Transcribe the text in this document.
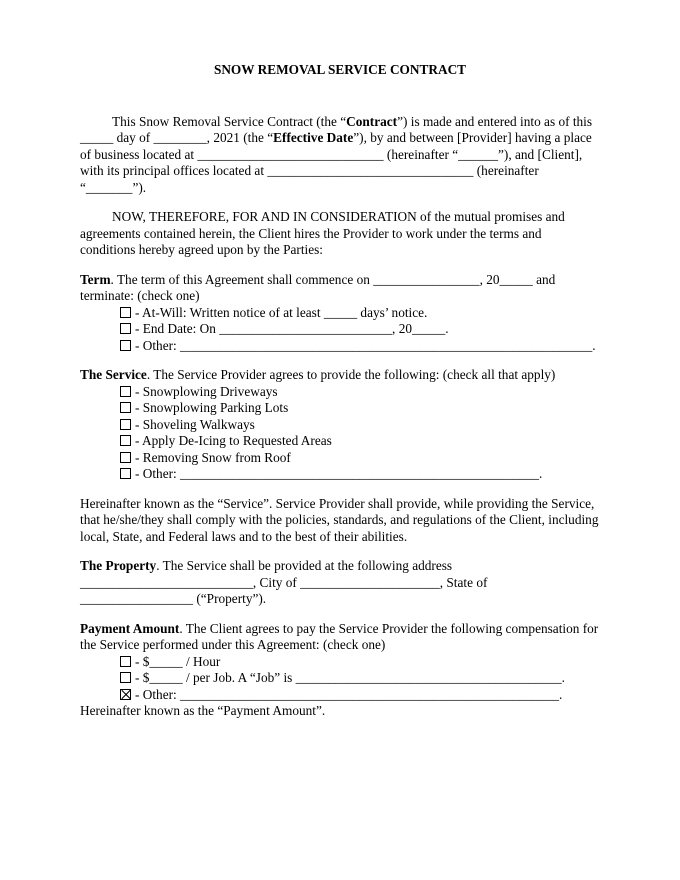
SNOW REMOVAL SERVICE CONTRACT

This Snow Removal Service Contract (the “Contract”) is made and entered into as of this _____ day of ________, 2021 (the “Effective Date”), by and between [Provider] having a place of business located at ____________________________ (hereinafter “______”), and [Client], with its principal offices located at _______________________________ (hereinafter “_______”).

NOW, THEREFORE, FOR AND IN CONSIDERATION of the mutual promises and agreements contained herein, the Client hires the Provider to work under the terms and conditions hereby agreed upon by the Parties:

Term. The term of this Agreement shall commence on ________________, 20_____ and terminate: (check one)

- At-Will: Written notice of at least _____ days’ notice.
- End Date: On __________________________, 20_____.
- Other: ______________________________________________________________.

The Service. The Service Provider agrees to provide the following: (check all that apply)

- Snowplowing Driveways
- Snowplowing Parking Lots
- Shoveling Walkways
- Apply De-Icing to Requested Areas
- Removing Snow from Roof
- Other: ______________________________________________________.

Hereinafter known as the “Service”. Service Provider shall provide, while providing the Service, that he/she/they shall comply with the policies, standards, and regulations of the Client, including local, State, and Federal laws and to the best of their abilities.

The Property. The Service shall be provided at the following address __________________________, City of _____________________, State of _________________ (“Property”).

Payment Amount. The Client agrees to pay the Service Provider the following compensation for the Service performed under this Agreement: (check one)

- $_____ / Hour
- $_____ / per Job. A “Job” is ________________________________________.
- Other: _________________________________________________________.

Hereinafter known as the “Payment Amount”.
